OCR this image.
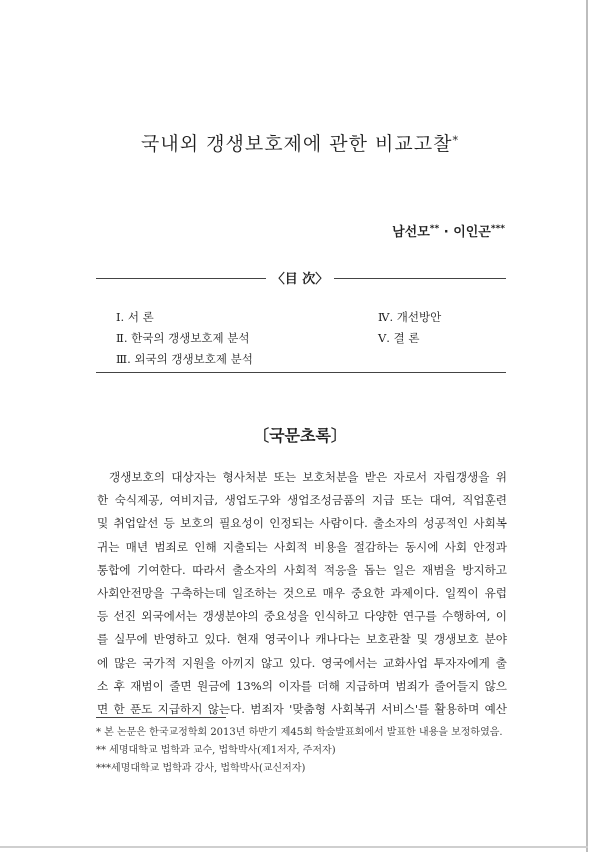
국내외 갱생보호제에 관한 비교고찰*
남선모** · 이인곤***
〈目 次〉
Ⅰ. 서 론
Ⅱ. 한국의 갱생보호제 분석
Ⅲ. 외국의 갱생보호제 분석
Ⅳ. 개선방안
Ⅴ. 결 론
〔국문초록〕
갱생보호의 대상자는 형사처분 또는 보호처분을 받은 자로서 자립갱생을 위
한 숙식제공, 여비지급, 생업도구와 생업조성금품의 지급 또는 대여, 직업훈련
및 취업알선 등 보호의 필요성이 인정되는 사람이다. 출소자의 성공적인 사회복
귀는 매년 범죄로 인해 지출되는 사회적 비용을 절감하는 동시에 사회 안정과
통합에 기여한다. 따라서 출소자의 사회적 적응을 돕는 일은 재범을 방지하고
사회안전망을 구축하는데 일조하는 것으로 매우 중요한 과제이다. 일찍이 유럽
등 선진 외국에서는 갱생분야의 중요성을 인식하고 다양한 연구를 수행하여, 이
를 실무에 반영하고 있다. 현재 영국이나 캐나다는 보호관찰 및 갱생보호 분야
에 많은 국가적 지원을 아끼지 않고 있다. 영국에서는 교화사업 투자자에게 출
소 후 재범이 줄면 원금에 13%의 이자를 더해 지급하며 범죄가 줄어들지 않으
면 한 푼도 지급하지 않는다. 범죄자 '맞춤형 사회복귀 서비스'를 활용하며 예산
* 본 논문은 한국교정학회 2013년 하반기 제45회 학술발표회에서 발표한 내용을 보정하였음.
** 세명대학교 법학과 교수, 법학박사(제1저자, 주저자)
***세명대학교 법학과 강사, 법학박사(교신저자)
